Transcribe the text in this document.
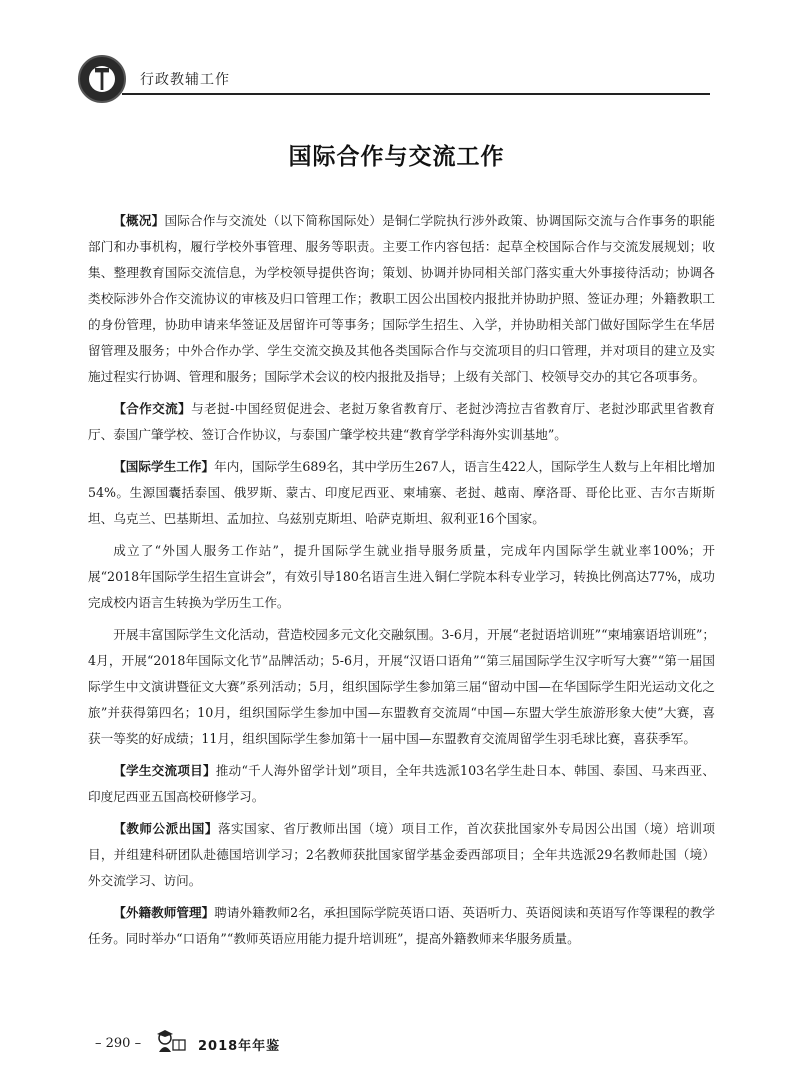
行政教辅工作
国际合作与交流工作

【概况】国际合作与交流处（以下简称国际处）是铜仁学院执行涉外政策、协调国际交流与合作事务的职能部门和办事机构，履行学校外事管理、服务等职责。主要工作内容包括：起草全校国际合作与交流发展规划；收集、整理教育国际交流信息，为学校领导提供咨询；策划、协调并协同相关部门落实重大外事接待活动；协调各类校际涉外合作交流协议的审核及归口管理工作；教职工因公出国校内报批并协助护照、签证办理；外籍教职工的身份管理，协助申请来华签证及居留许可等事务；国际学生招生、入学，并协助相关部门做好国际学生在华居留管理及服务；中外合作办学、学生交流交换及其他各类国际合作与交流项目的归口管理，并对项目的建立及实施过程实行协调、管理和服务；国际学术会议的校内报批及指导；上级有关部门、校领导交办的其它各项事务。

【合作交流】与老挝-中国经贸促进会、老挝万象省教育厅、老挝沙湾拉吉省教育厅、老挝沙耶武里省教育厅、泰国广肇学校、签订合作协议，与泰国广肇学校共建“教育学学科海外实训基地”。

【国际学生工作】年内，国际学生689名，其中学历生267人，语言生422人，国际学生人数与上年相比增加54%。生源国囊括泰国、俄罗斯、蒙古、印度尼西亚、柬埔寨、老挝、越南、摩洛哥、哥伦比亚、吉尔吉斯斯坦、乌克兰、巴基斯坦、孟加拉、乌兹别克斯坦、哈萨克斯坦、叙利亚16个国家。

成立了“外国人服务工作站”，提升国际学生就业指导服务质量，完成年内国际学生就业率100%；开展“2018年国际学生招生宣讲会”，有效引导180名语言生进入铜仁学院本科专业学习，转换比例高达77%，成功完成校内语言生转换为学历生工作。

开展丰富国际学生文化活动，营造校园多元文化交融氛围。3-6月，开展“老挝语培训班”“柬埔寨语培训班”；4月，开展“2018年国际文化节”品牌活动；5-6月，开展“汉语口语角”“第三届国际学生汉字听写大赛”“第一届国际学生中文演讲暨征文大赛”系列活动；5月，组织国际学生参加第三届“留动中国—在华国际学生阳光运动文化之旅”并获得第四名；10月，组织国际学生参加中国—东盟教育交流周“中国—东盟大学生旅游形象大使”大赛，喜获一等奖的好成绩；11月，组织国际学生参加第十一届中国—东盟教育交流周留学生羽毛球比赛，喜获季军。

【学生交流项目】推动“千人海外留学计划”项目，全年共选派103名学生赴日本、韩国、泰国、马来西亚、印度尼西亚五国高校研修学习。

【教师公派出国】落实国家、省厅教师出国（境）项目工作，首次获批国家外专局因公出国（境）培训项目，并组建科研团队赴德国培训学习；2名教师获批国家留学基金委西部项目；全年共选派29名教师赴国（境）外交流学习、访问。

【外籍教师管理】聘请外籍教师2名，承担国际学院英语口语、英语听力、英语阅读和英语写作等课程的教学任务。同时举办“口语角”“教师英语应用能力提升培训班”，提高外籍教师来华服务质量。

– 290 –	2018年年鉴
